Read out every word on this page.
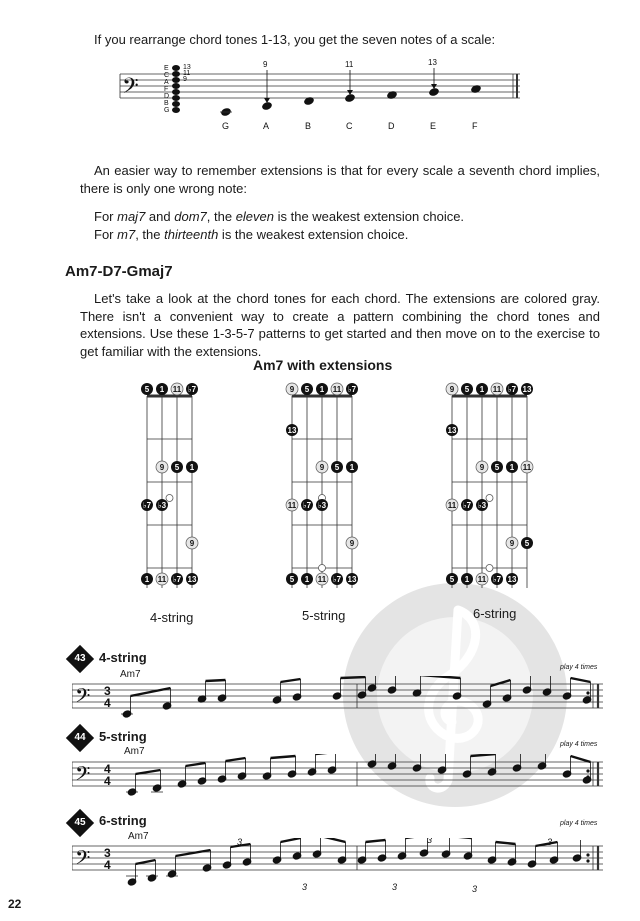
If you rearrange chord tones 1-13, you get the seven notes of a scale:
𝄢
E
C
A
F
D
B
G
13
11
9
9	11	13
G	A	B	C	D	E	F
An easier way to remember extensions is that for every scale a seventh chord implies, there is only one wrong note:
For maj7 and dom7, the eleven is the weakest extension choice.
For m7, the thirteenth is the weakest extension choice.
Am7-D7-Gmaj7
Let's take a look at the chord tones for each chord. The extensions are colored gray. There isn't a convenient way to create a pattern combining the chord tones and extensions. Use these 1-3-5-7 patterns to get started and then move on to the exercise to get familiar with the extensions.
Am7 with extensions
5 1 11 ♭7
9 5 1
♭7 ♭3
9
1 11 ♭7 13
9 5 1 11 ♭7
13
9 5 1
11 ♭7 ♭3
9
5 1 11 ♭7 13
9 5 1 11 ♭7 13
13
9 5 1 11
11 ♭7 ♭3
9 5
5 1 11 ♭7 13
4-string	5-string	6-string
43	4-string
Am7
play 4 times
𝄢 3
4
44	5-string
Am7
play 4 times
𝄢 4
4
45	6-string
Am7
play 4 times
𝄢 3
4
3	3	3
3	3	3
22
